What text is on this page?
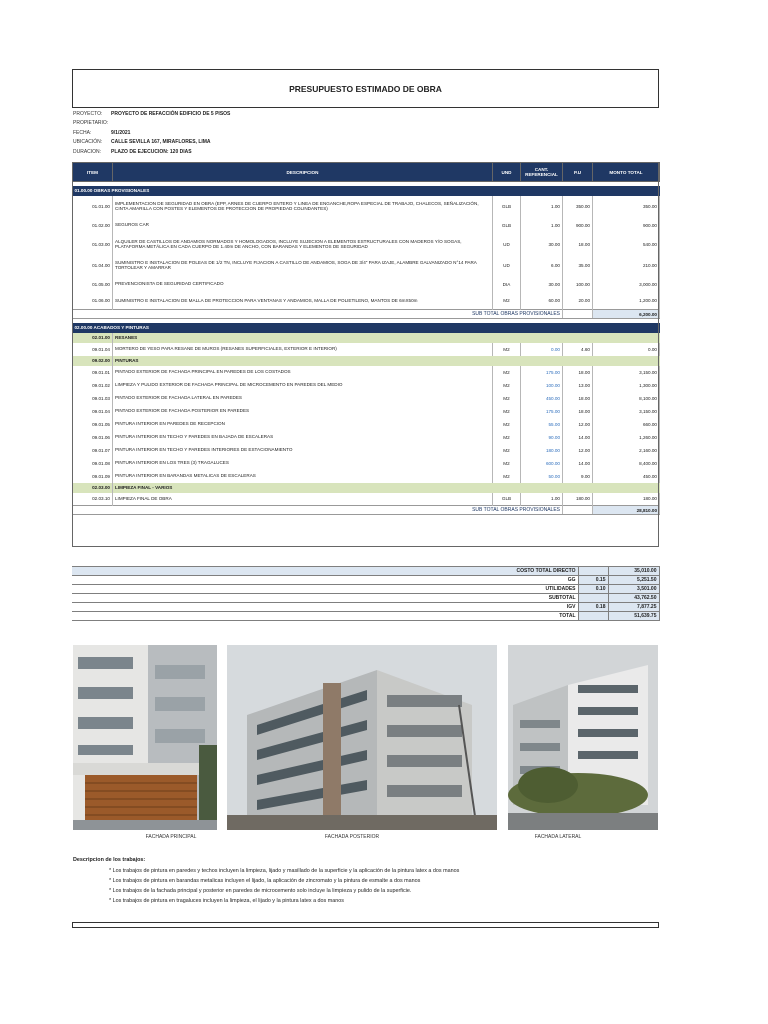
PRESUPUESTO ESTIMADO DE OBRA
PROYECTO:	PROYECTO DE REFACCIÓN EDIFICIO DE 5 PISOS
PROPIETARIO:
FECHA:	9/1/2021
UBICACIÓN:	CALLE SEVILLA 167, MIRAFLORES, LIMA
DURACION:	PLAZO DE EJECUCION: 120 DIAS
ITEM	DESCRIPCION	UND	CANT. REFERENCIAL	P.U	MONTO TOTAL

01.00.00 OBRAS PROVISIONALES					
01.01.00	IMPLEMENTACION DE SEGURIDAD EN OBRA (EPP, ARNES DE CUERPO ENTERO Y LINEA DE ENGANCHE,ROPA ESPECIAL DE TRABAJO, CHALECOS, SEÑALIZACIÓN, CINTA AMARILLA CON POSTES Y ELEMENTOS DE PROTECCION DE PROPIEDAD COLINDANTES)	GLB	1.00	350.00	350.00
01.02.00	SEGUROS CAR	GLB	1.00	900.00	900.00
01.03.00	ALQUILER DE CASTILLOS DE ANDAMIOS NORMADOS Y HOMOLOGADOS, INCLUYE SUJECION A ELEMENTOS ESTRUCTURALES CON MADEROS Y/O SOGAS, PLATAFORMA METÁLICA EN CADA CUERPO DE 1.40m DE ANCHO, CON BARANDAS Y ELEMENTOS DE SEGURIDAD	UD	30.00	18.00	540.00
01.04.00	SUMINISTRO E INSTALACION DE POLEAS DE 1/2 TN, INCLUYE FIJACION A CASTILLO DE ANDAMIOS, SOGA DE 3/4" PARA IZAJE, ALAMBRE GALVANIZADO N°14 PARA TORTOLEAR Y AMARRAR	UD	6.00	35.00	210.00
01.05.00	PREVENCIONISTA DE SEGURIDAD CERTIFICADO	DIA	30.00	100.00	3,000.00
01.06.00	SUMINISTRO E INSTALACION DE MALLA DE PROTECCION PARA VENTANAS Y ANDAMIOS, MALLA DE POLIETILENO, MANTOS DE 6mX50m	M2	60.00	20.00	1,200.00
SUB TOTAL OBRAS PROVISIONALES					6,200.00

02.00.00 ACABADOS Y PINTURAS					
02.01.00	RESANES				
09.01.04	MORTERO DE YESO PARA RESANE DE MUROS (RESANES SUPERFICIALES, EXTERIOR E INTERIOR)	M2	0.00	4.60	0.00
09.02.00	PINTURAS				
09.01.01	PINTADO EXTERIOR DE FACHADA PRINCIPAL EN PAREDES DE LOS COSTADOS	M2	175.00	18.00	3,150.00
09.01.02	LIMPIEZA Y PULIDO EXTERIOR DE FACHADA PRINCIPAL DE MICROCEMENTO EN PAREDES DEL MEDIO	M2	100.00	13.00	1,300.00
09.01.03	PINTADO EXTERIOR DE FACHADA LATERAL EN PAREDES	M2	450.00	18.00	8,100.00
09.01.04	PINTADO EXTERIOR DE FACHADA POSTERIOR EN PAREDES	M2	175.00	18.00	3,150.00
09.01.05	PINTURA INTERIOR EN PAREDES DE RECEPCION	M2	55.00	12.00	660.00
09.01.06	PINTURA INTERIOR EN TECHO Y PAREDES EN BAJADA DE ESCALERAS	M2	90.00	14.00	1,260.00
09.01.07	PINTURA INTERIOR EN TECHO Y PAREDES INTERIORES DE ESTACIONAMIENTO	M2	180.00	12.00	2,160.00
09.01.08	PINTURA INTERIOR EN LOS TRES (3) TRAGALUCES	M2	600.00	14.00	8,400.00
09.01.09	PINTURA INTERIOR EN BARANDAS METALICAS DE ESCALERAS	M2	50.00	9.00	450.00
02.03.00	LIMPIEZA FINAL - VARIOS				
02.03.10	LIMPIEZA FINAL DE OBRA	GLB	1.00	180.00	180.00
SUB TOTAL OBRAS PROVISIONALES					28,810.00
COSTO TOTAL DIRECTO		35,010.00
GG	0.15	5,251.50
UTILIDADES	0.10	3,501.00
SUBTOTAL		43,762.50
IGV	0.18	7,877.25
TOTAL		51,639.75
FACHADA PRINCIPAL	FACHADA POSTERIOR	FACHADA LATERAL
Descripcion de los trabajos:
* Los trabajos de pintura en paredes y techos incluyen la limpieza, lijado y masillado de la superficie y la aplicación de la pintura latex a dos manos
* Los trabajos de pintura en barandas metalicas incluyen el lijado, la aplicación de zincromato y la pintura de esmalte a dos manos
* Los trabajos de la fachada principal y posterior en paredes de microcemento solo incluye la limpieza y pulido de la superficie.
* Los trabajos de pintura en tragaluces incluyen la limpieza, el lijado y la pintura latex a dos manos
